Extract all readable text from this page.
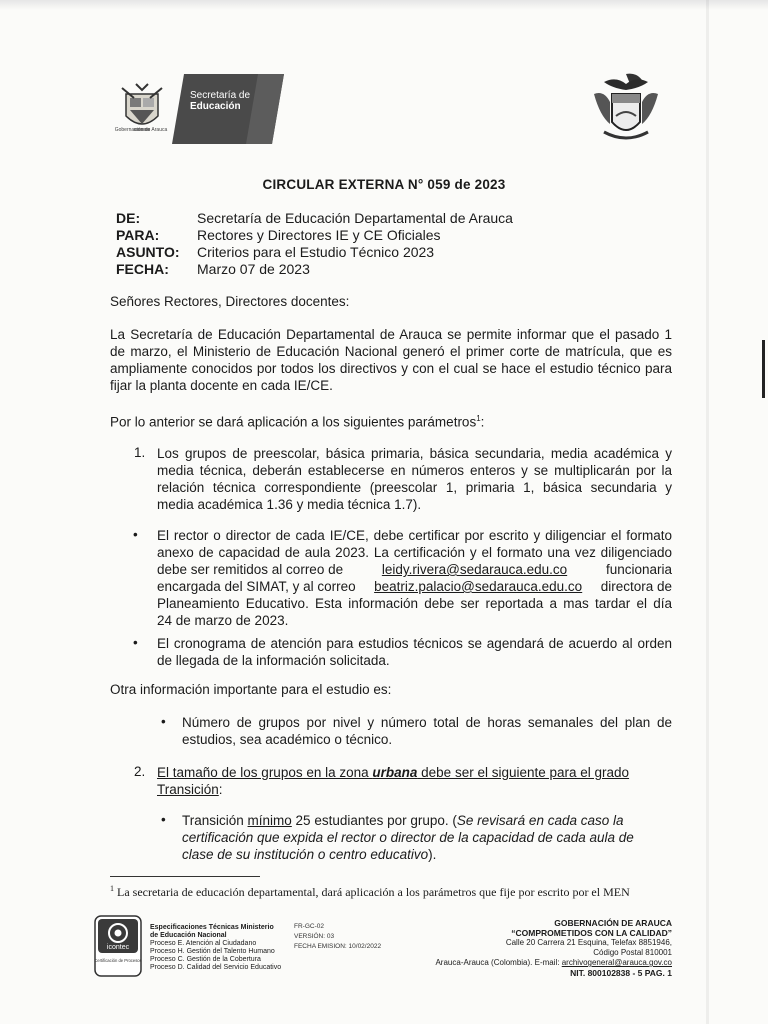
Gobernación de Arauca
Secretaría de
Educación
CIRCULAR EXTERNA N° 059 de 2023
DE:	Secretaría de Educación Departamental de Arauca
PARA:	Rectores y Directores IE y CE Oficiales
ASUNTO:	Criterios para el Estudio Técnico 2023
FECHA:	Marzo 07 de 2023
Señores Rectores, Directores docentes:
La Secretaría de Educación Departamental de Arauca se permite informar que el pasado 1
de marzo, el Ministerio de Educación Nacional generó el primer corte de matrícula, que es
ampliamente conocidos por todos los directivos y con el cual se hace el estudio técnico para
fijar la planta docente en cada IE/CE.
Por lo anterior se dará aplicación a los siguientes parámetros$^1$:
1. Los grupos de preescolar, básica primaria, básica secundaria, media académica y
media técnica, deberán establecerse en números enteros y se multiplicarán por la
relación técnica correspondiente (preescolar 1, primaria 1, básica secundaria y
media académica 1.36 y media técnica 1.7).
• El rector o director de cada IE/CE, debe certificar por escrito y diligenciar el formato
anexo de capacidad de aula 2023. La certificación y el formato una vez diligenciado
debe ser remitidos al correo de	leidy.rivera@sedarauca.edu.co	funcionaria
encargada del SIMAT, y al correo beatriz.palacio@sedarauca.edu.co directora de
Planeamiento Educativo. Esta información debe ser reportada a mas tardar el día
24 de marzo de 2023.
• El cronograma de atención para estudios técnicos se agendará de acuerdo al orden
de llegada de la información solicitada.
Otra información importante para el estudio es:
• Número de grupos por nivel y número total de horas semanales del plan de
estudios, sea académico o técnico.
2. El tamaño de los grupos en la zona urbana debe ser el siguiente para el grado
Transición:
• Transición mínimo 25 estudiantes por grupo. (Se revisará en cada caso la
certificación que expida el rector o director de la capacidad de cada aula de
clase de su institución o centro educativo).
$^1$ La secretaria de educación departamental, dará aplicación a los parámetros que fije por escrito por el MEN
icontec
Certificación de Procesos
Especificaciones Técnicas Ministerio
de Educación Nacional
Proceso E. Atención al Ciudadano
Proceso H. Gestión del Talento Humano
Proceso C. Gestión de la Cobertura
Proceso D. Calidad del Servicio Educativo
FR-GC-02
VERSIÓN: 03
FECHA EMISION: 10/02/2022
GOBERNACIÓN DE ARAUCA
“COMPROMETIDOS CON LA CALIDAD”
Calle 20 Carrera 21 Esquina, Telefax 8851946,
Código Postal 810001
Arauca-Arauca (Colombia). E-mail: archivogeneral@arauca.gov.co
NIT. 800102838 - 5 PAG. 1
